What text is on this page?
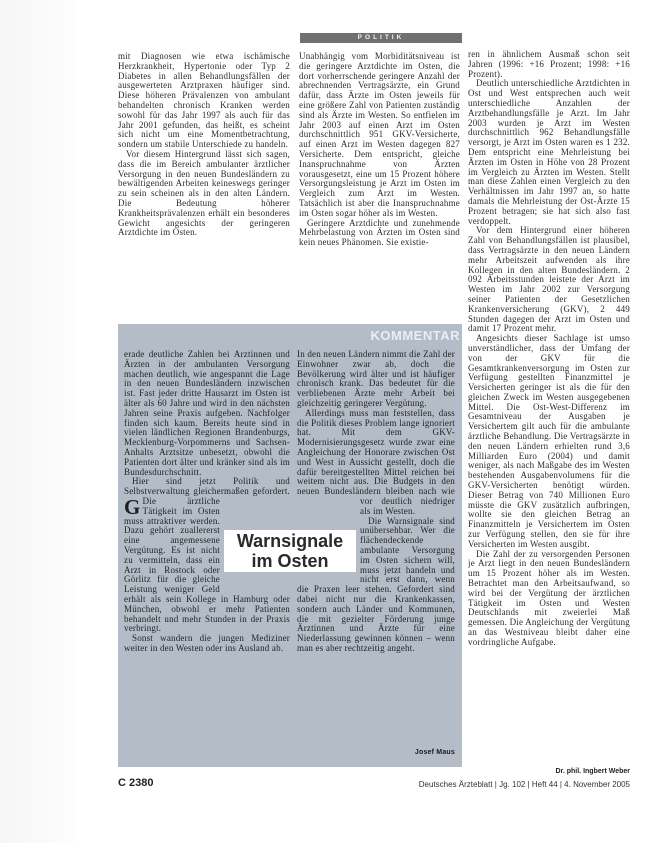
POLITIK

mit Diagnosen wie etwa ischämische Herzkrankheit, Hypertonie oder Typ 2 Diabetes in allen Behandlungsfällen der ausgewerteten Arztpraxen häufiger sind. Diese höheren Prävalenzen von ambulant behandelten chronisch Kranken werden sowohl für das Jahr 1997 als auch für das Jahr 2001 gefunden, das heißt, es scheint sich nicht um eine Momentbetrachtung, sondern um stabile Unterschiede zu handeln.

Vor diesem Hintergrund lässt sich sagen, dass die im Bereich ambulanter ärztlicher Versorgung in den neuen Bundesländern zu bewältigenden Arbeiten keineswegs geringer zu sein scheinen als in den alten Ländern. Die Bedeutung höherer Krankheitsprävalenzen erhält ein besonderes Gewicht angesichts der geringeren Arztdichte im Osten.

Unabhängig vom Morbiditätsniveau ist die geringere Arztdichte im Osten, die dort vorherrschende geringere Anzahl der abrechnenden Vertragsärzte, ein Grund dafür, dass Ärzte im Osten jeweils für eine größere Zahl von Patienten zuständig sind als Ärzte im Westen. So entfielen im Jahr 2003 auf einen Arzt im Osten durchschnittlich 951 GKV-Versicherte, auf einen Arzt im Westen dagegen 827 Versicherte. Dem entspricht, gleiche Inanspruchnahme von Ärzten vorausgesetzt, eine um 15 Prozent höhere Versorgungsleistung je Arzt im Osten im Vergleich zum Arzt im Westen. Tatsächlich ist aber die Inanspruchnahme im Osten sogar höher als im Westen.

Geringere Arztdichte und zunehmende Mehrbelastung von Ärzten im Osten sind kein neues Phänomen. Sie existie-

ren in ähnlichem Ausmaß schon seit Jahren (1996: +16 Prozent; 1998: +16 Prozent).

Deutlich unterschiedliche Arztdichten in Ost und West entsprechen auch weit unterschiedliche Anzahlen der Arztbehandlungsfälle je Arzt. Im Jahr 2003 wurden je Arzt im Westen durchschnittlich 962 Behandlungsfälle versorgt, je Arzt im Osten waren es 1 232. Dem entspricht eine Mehrleistung bei Ärzten im Osten in Höhe von 28 Prozent im Vergleich zu Ärzten im Westen. Stellt man diese Zahlen einen Vergleich zu den Verhältnissen im Jahr 1997 an, so hatte damals die Mehrleistung der Ost-Ärzte 15 Prozent betragen; sie hat sich also fast verdoppelt.

Vor dem Hintergrund einer höheren Zahl von Behandlungsfällen ist plausibel, dass Vertragsärzte in den neuen Ländern mehr Arbeitszeit aufwenden als ihre Kollegen in den alten Bundesländern. 2 092 Arbeitsstunden leistete der Arzt im Westen im Jahr 2002 zur Versorgung seiner Patienten der Gesetzlichen Krankenversicherung (GKV), 2 449 Stunden dagegen der Arzt im Osten und damit 17 Prozent mehr.

Angesichts dieser Sachlage ist umso unverständlicher, dass der Umfang der von der GKV für die Gesamtkrankenversorgung im Osten zur Verfügung gestellten Finanzmittel je Versicherten geringer ist als die für den gleichen Zweck im Westen ausgegebenen Mittel. Die Ost-West-Differenz im Gesamtniveau der Ausgaben je Versichertem gilt auch für die ambulante ärztliche Behandlung. Die Vertragsärzte in den neuen Ländern erhielten rund 3,6 Milliarden Euro (2004) und damit weniger, als nach Maßgabe des im Westen bestehenden Ausgabenvolumens für die GKV-Versicherten benötigt würden. Dieser Betrag von 740 Millionen Euro müsste die GKV zusätzlich aufbringen, wollte sie den gleichen Betrag an Finanzmitteln je Versichertem im Osten zur Verfügung stellen, den sie für ihre Versicherten im Westen ausgibt.

Die Zahl der zu versorgenden Personen je Arzt liegt in den neuen Bundesländern um 15 Prozent höher als im Westen. Betrachtet man den Arbeitsaufwand, so wird bei der Vergütung der ärztlichen Tätigkeit im Osten und Westen Deutschlands mit zweierlei Maß gemessen. Die Angleichung der Vergütung an das Westniveau bleibt daher eine vordringliche Aufgabe.

Dr. phil. Ingbert Weber
KOMMENTAR

Gerade deutliche Zahlen bei Ärztinnen und Ärzten in der ambulanten Versorgung machen deutlich, wie angespannt die Lage in den neuen Bundesländern inzwischen ist. Fast jeder dritte Hausarzt im Osten ist älter als 60 Jahre und wird in den nächsten Jahren seine Praxis aufgeben. Nachfolger finden sich kaum. Bereits heute sind in vielen ländlichen Regionen Brandenburgs, Mecklenburg-Vorpommerns und Sachsen-Anhalts Arztsitze unbesetzt, obwohl die Patienten dort älter und kränker sind als im Bundesdurchschnitt.

Hier sind jetzt Politik und Selbstverwaltung gleichermaßen gefordert. Die ärztliche Tätigkeit im Osten muss attraktiver werden. Dazu gehört zuallererst eine angemessene Vergütung. Es ist nicht zu vermitteln, dass ein Arzt in Rostock oder Görlitz für die gleiche Leistung weniger Geld erhält als sein Kollege in Hamburg oder München, obwohl er mehr Patienten behandelt und mehr Stunden in der Praxis verbringt.

Sonst wandern die jungen Mediziner weiter in den Westen oder ins Ausland ab.

In den neuen Ländern nimmt die Zahl der Einwohner zwar ab, doch die Bevölkerung wird älter und ist häufiger chronisch krank. Das bedeutet für die verbliebenen Ärzte mehr Arbeit bei gleichzeitig geringerer Vergütung.

Allerdings muss man feststellen, dass die Politik dieses Problem lange ignoriert hat. Mit dem GKV-Modernisierungsgesetz wurde zwar eine Angleichung der Honorare zwischen Ost und West in Aussicht gestellt, doch die dafür bereitgestellten Mittel reichen bei weitem nicht aus. Die Budgets in den neuen Bundesländern bleiben nach wie vor deutlich niedriger als im Westen.

Die Warnsignale sind unübersehbar. Wer die flächendeckende ambulante Versorgung im Osten sichern will, muss jetzt handeln und nicht erst dann, wenn die Praxen leer stehen. Gefordert sind dabei nicht nur die Krankenkassen, sondern auch Länder und Kommunen, die mit gezielter Förderung junge Ärztinnen und Ärzte für eine Niederlassung gewinnen können – wenn man es aber rechtzeitig angeht.

Josef Maus
Warnsignale
im Osten
C 2380	Deutsches Ärzteblatt | Jg. 102 | Heft 44 | 4. November 2005
